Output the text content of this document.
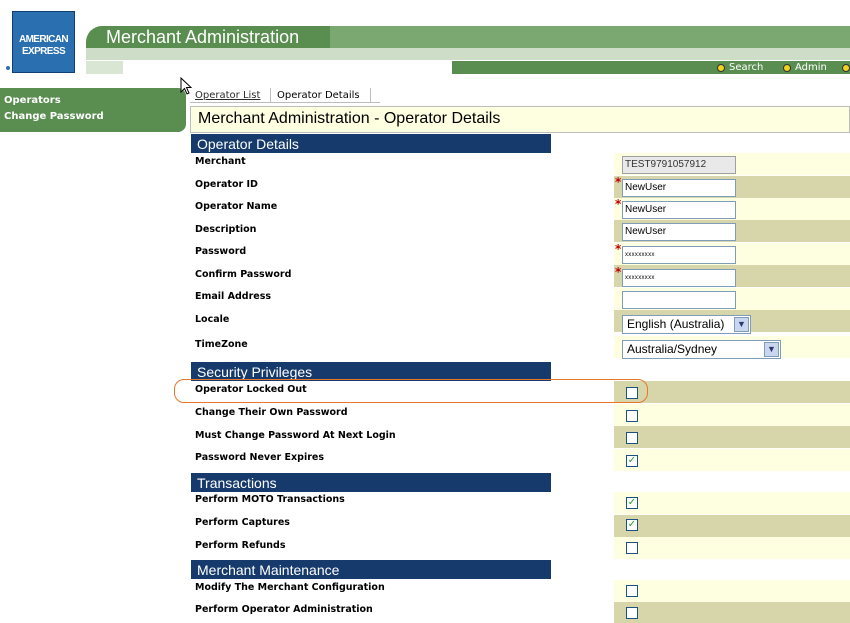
AMERICAN
EXPRESS
Merchant Administration
Search	Admin
Operators
Change Password
Operator List Operator Details
Merchant Administration - Operator Details
Operator Details
Merchant	TEST9791057912
Operator ID	* NewUser
Operator Name	* NewUser
Description	NewUser
Password	* xxxxxxxxx
Confirm Password	* xxxxxxxxx
Email Address
Locale	English (Australia)	▼
TimeZone	Australia/Sydney	▼
Security Privileges
Operator Locked Out
Change Their Own Password
Must Change Password At Next Login
Password Never Expires	✓
Transactions
Perform MOTO Transactions	✓
Perform Captures	✓
Perform Refunds
Merchant Maintenance
Modify The Merchant Configuration
Perform Operator Administration
